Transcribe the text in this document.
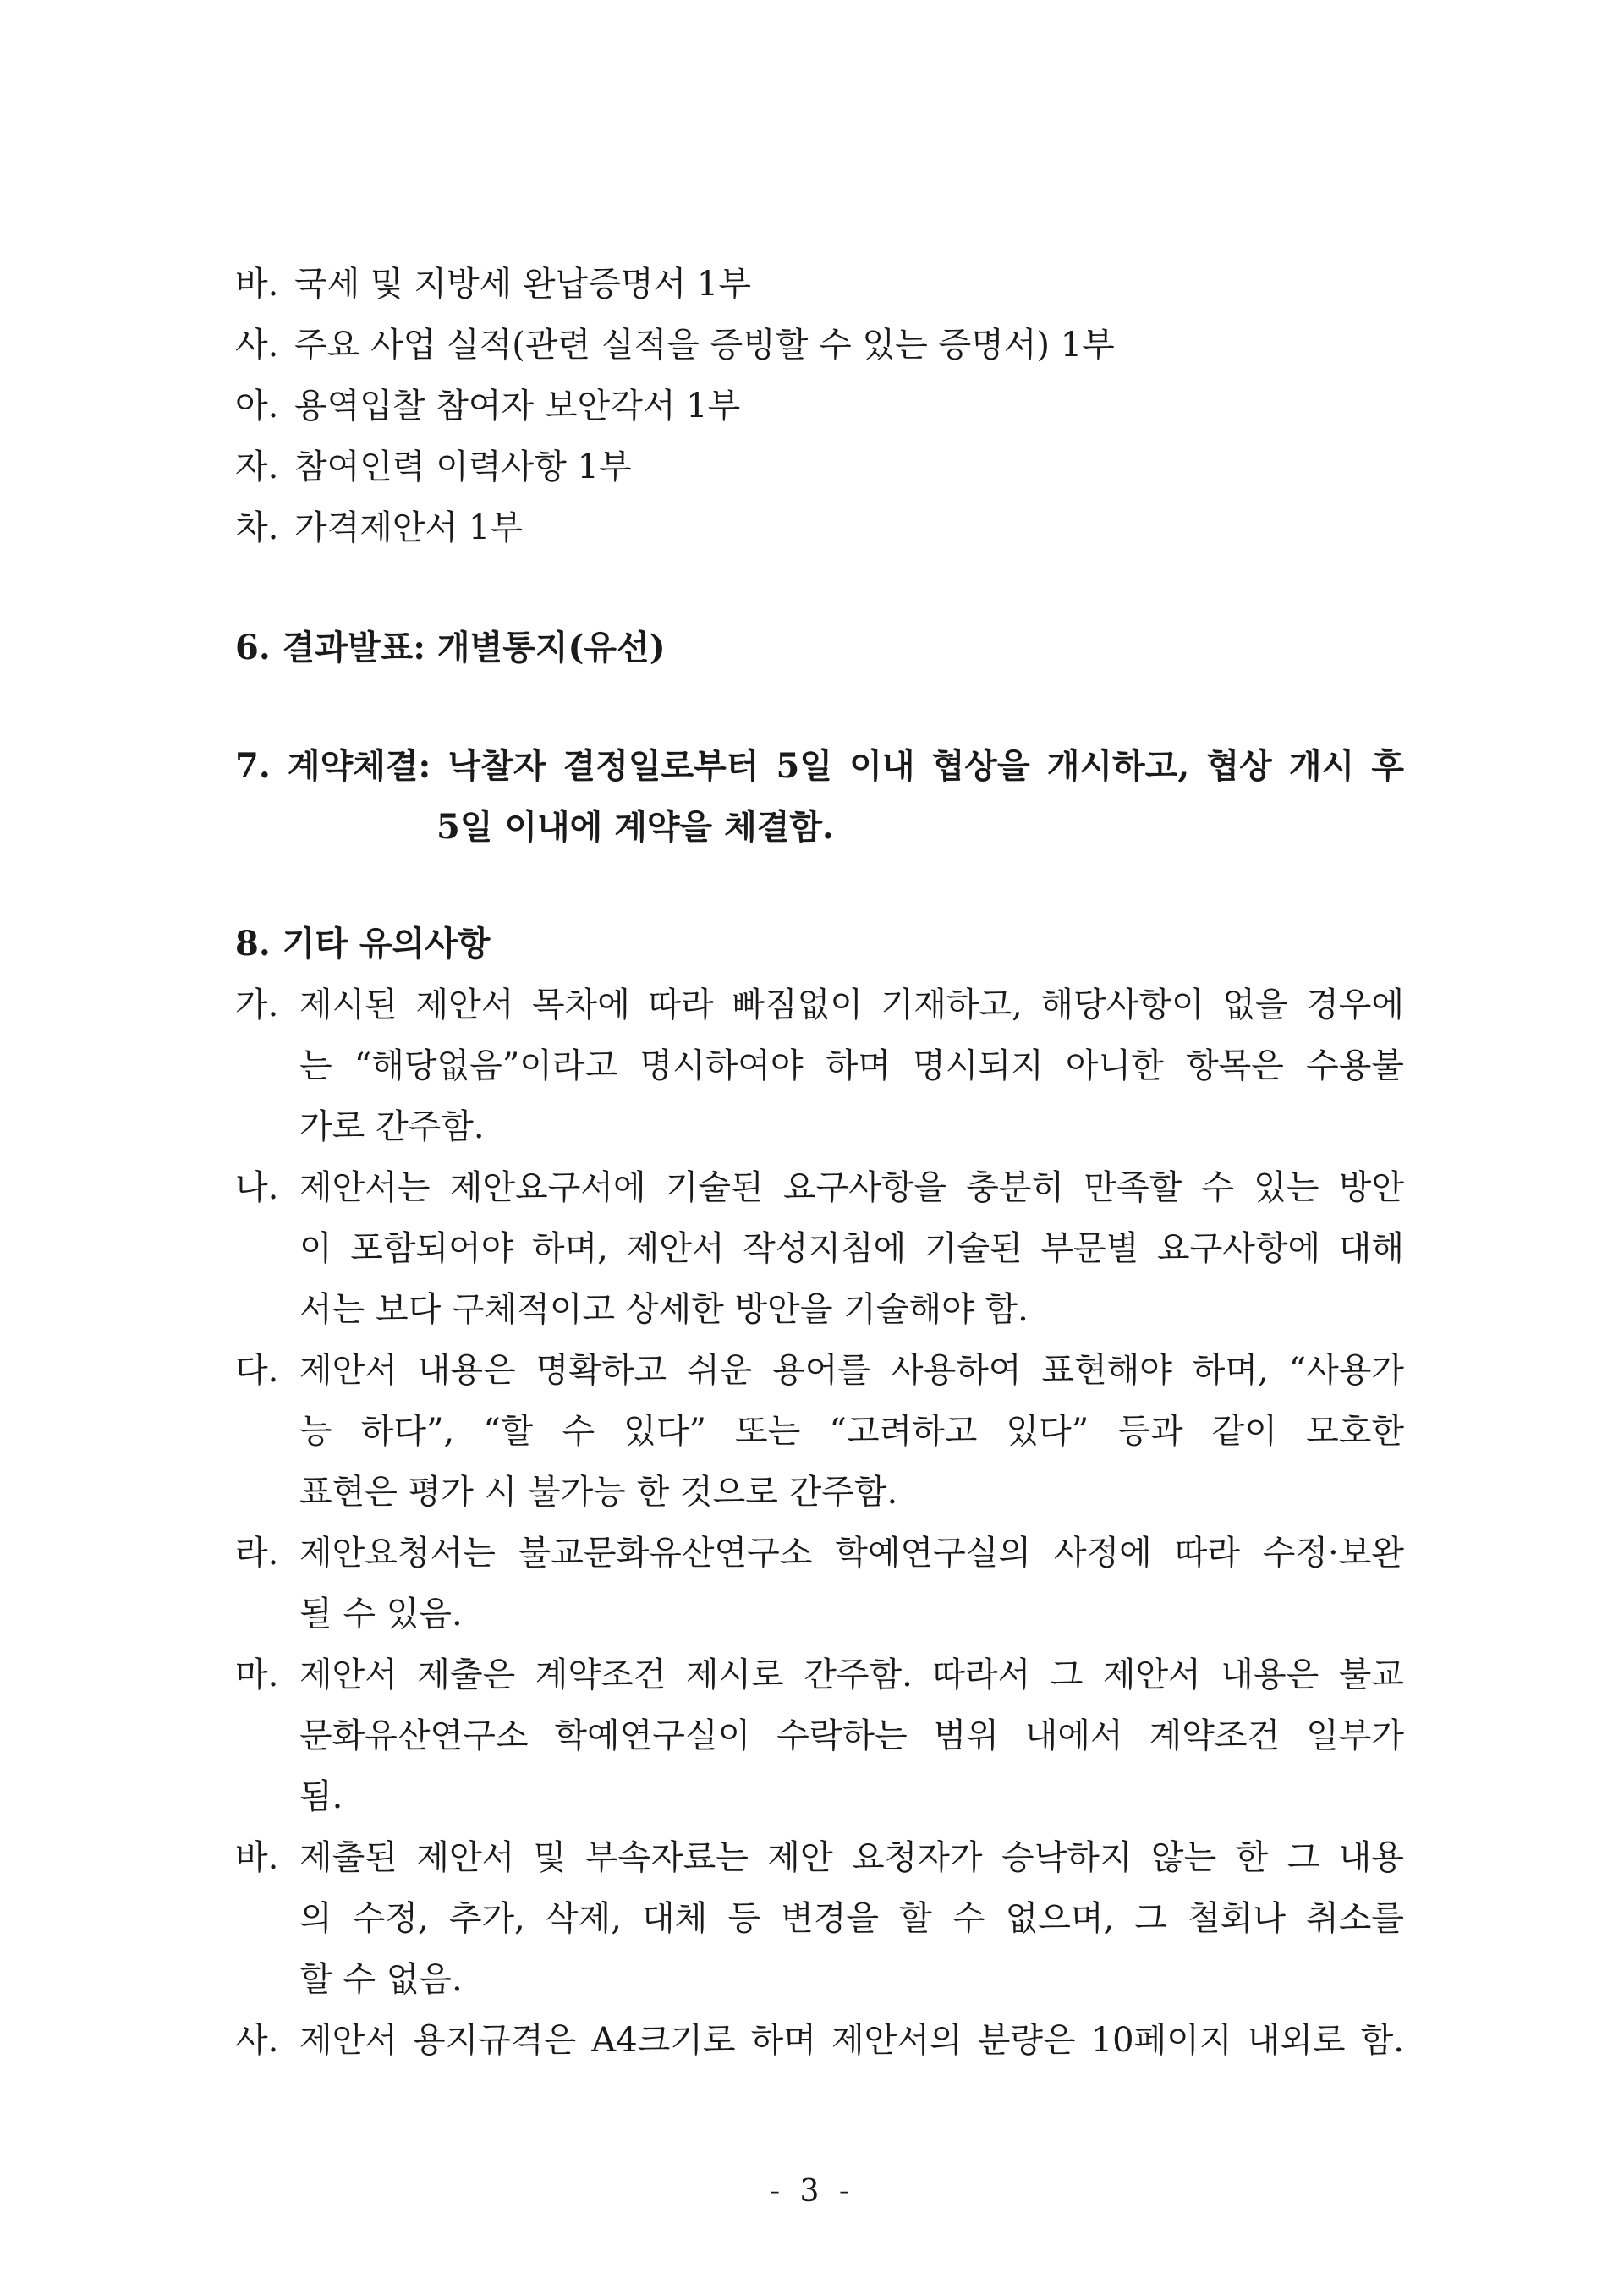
바. 국세 및 지방세 완납증명서 1부
사. 주요 사업 실적(관련 실적을 증빙할 수 있는 증명서) 1부
아. 용역입찰 참여자 보안각서 1부
자. 참여인력 이력사항 1부
차. 가격제안서 1부
6. 결과발표: 개별통지(유선)
7. 계약체결: 낙찰자 결정일로부터 5일 이내 협상을 개시하고, 협상 개시 후
5일 이내에 계약을 체결함.
8. 기타 유의사항
가. 제시된 제안서 목차에 따라 빠짐없이 기재하고, 해당사항이 없을 경우에
는 “해당없음”이라고 명시하여야 하며 명시되지 아니한 항목은 수용불
가로 간주함.
나. 제안서는 제안요구서에 기술된 요구사항을 충분히 만족할 수 있는 방안
이 포함되어야 하며, 제안서 작성지침에 기술된 부문별 요구사항에 대해
서는 보다 구체적이고 상세한 방안을 기술해야 함.
다. 제안서 내용은 명확하고 쉬운 용어를 사용하여 표현해야 하며, “사용가
능 하다”, “할 수 있다” 또는 “고려하고 있다” 등과 같이 모호한
표현은 평가 시 불가능 한 것으로 간주함.
라. 제안요청서는 불교문화유산연구소 학예연구실의 사정에 따라 수정·보완
될 수 있음.
마. 제안서 제출은 계약조건 제시로 간주함. 따라서 그 제안서 내용은 불교
문화유산연구소 학예연구실이 수락하는 범위 내에서 계약조건 일부가
됨.
바. 제출된 제안서 및 부속자료는 제안 요청자가 승낙하지 않는 한 그 내용
의 수정, 추가, 삭제, 대체 등 변경을 할 수 없으며, 그 철회나 취소를
할 수 없음.
사. 제안서 용지규격은 A4크기로 하며 제안서의 분량은 10페이지 내외로 함.
- 3 -
